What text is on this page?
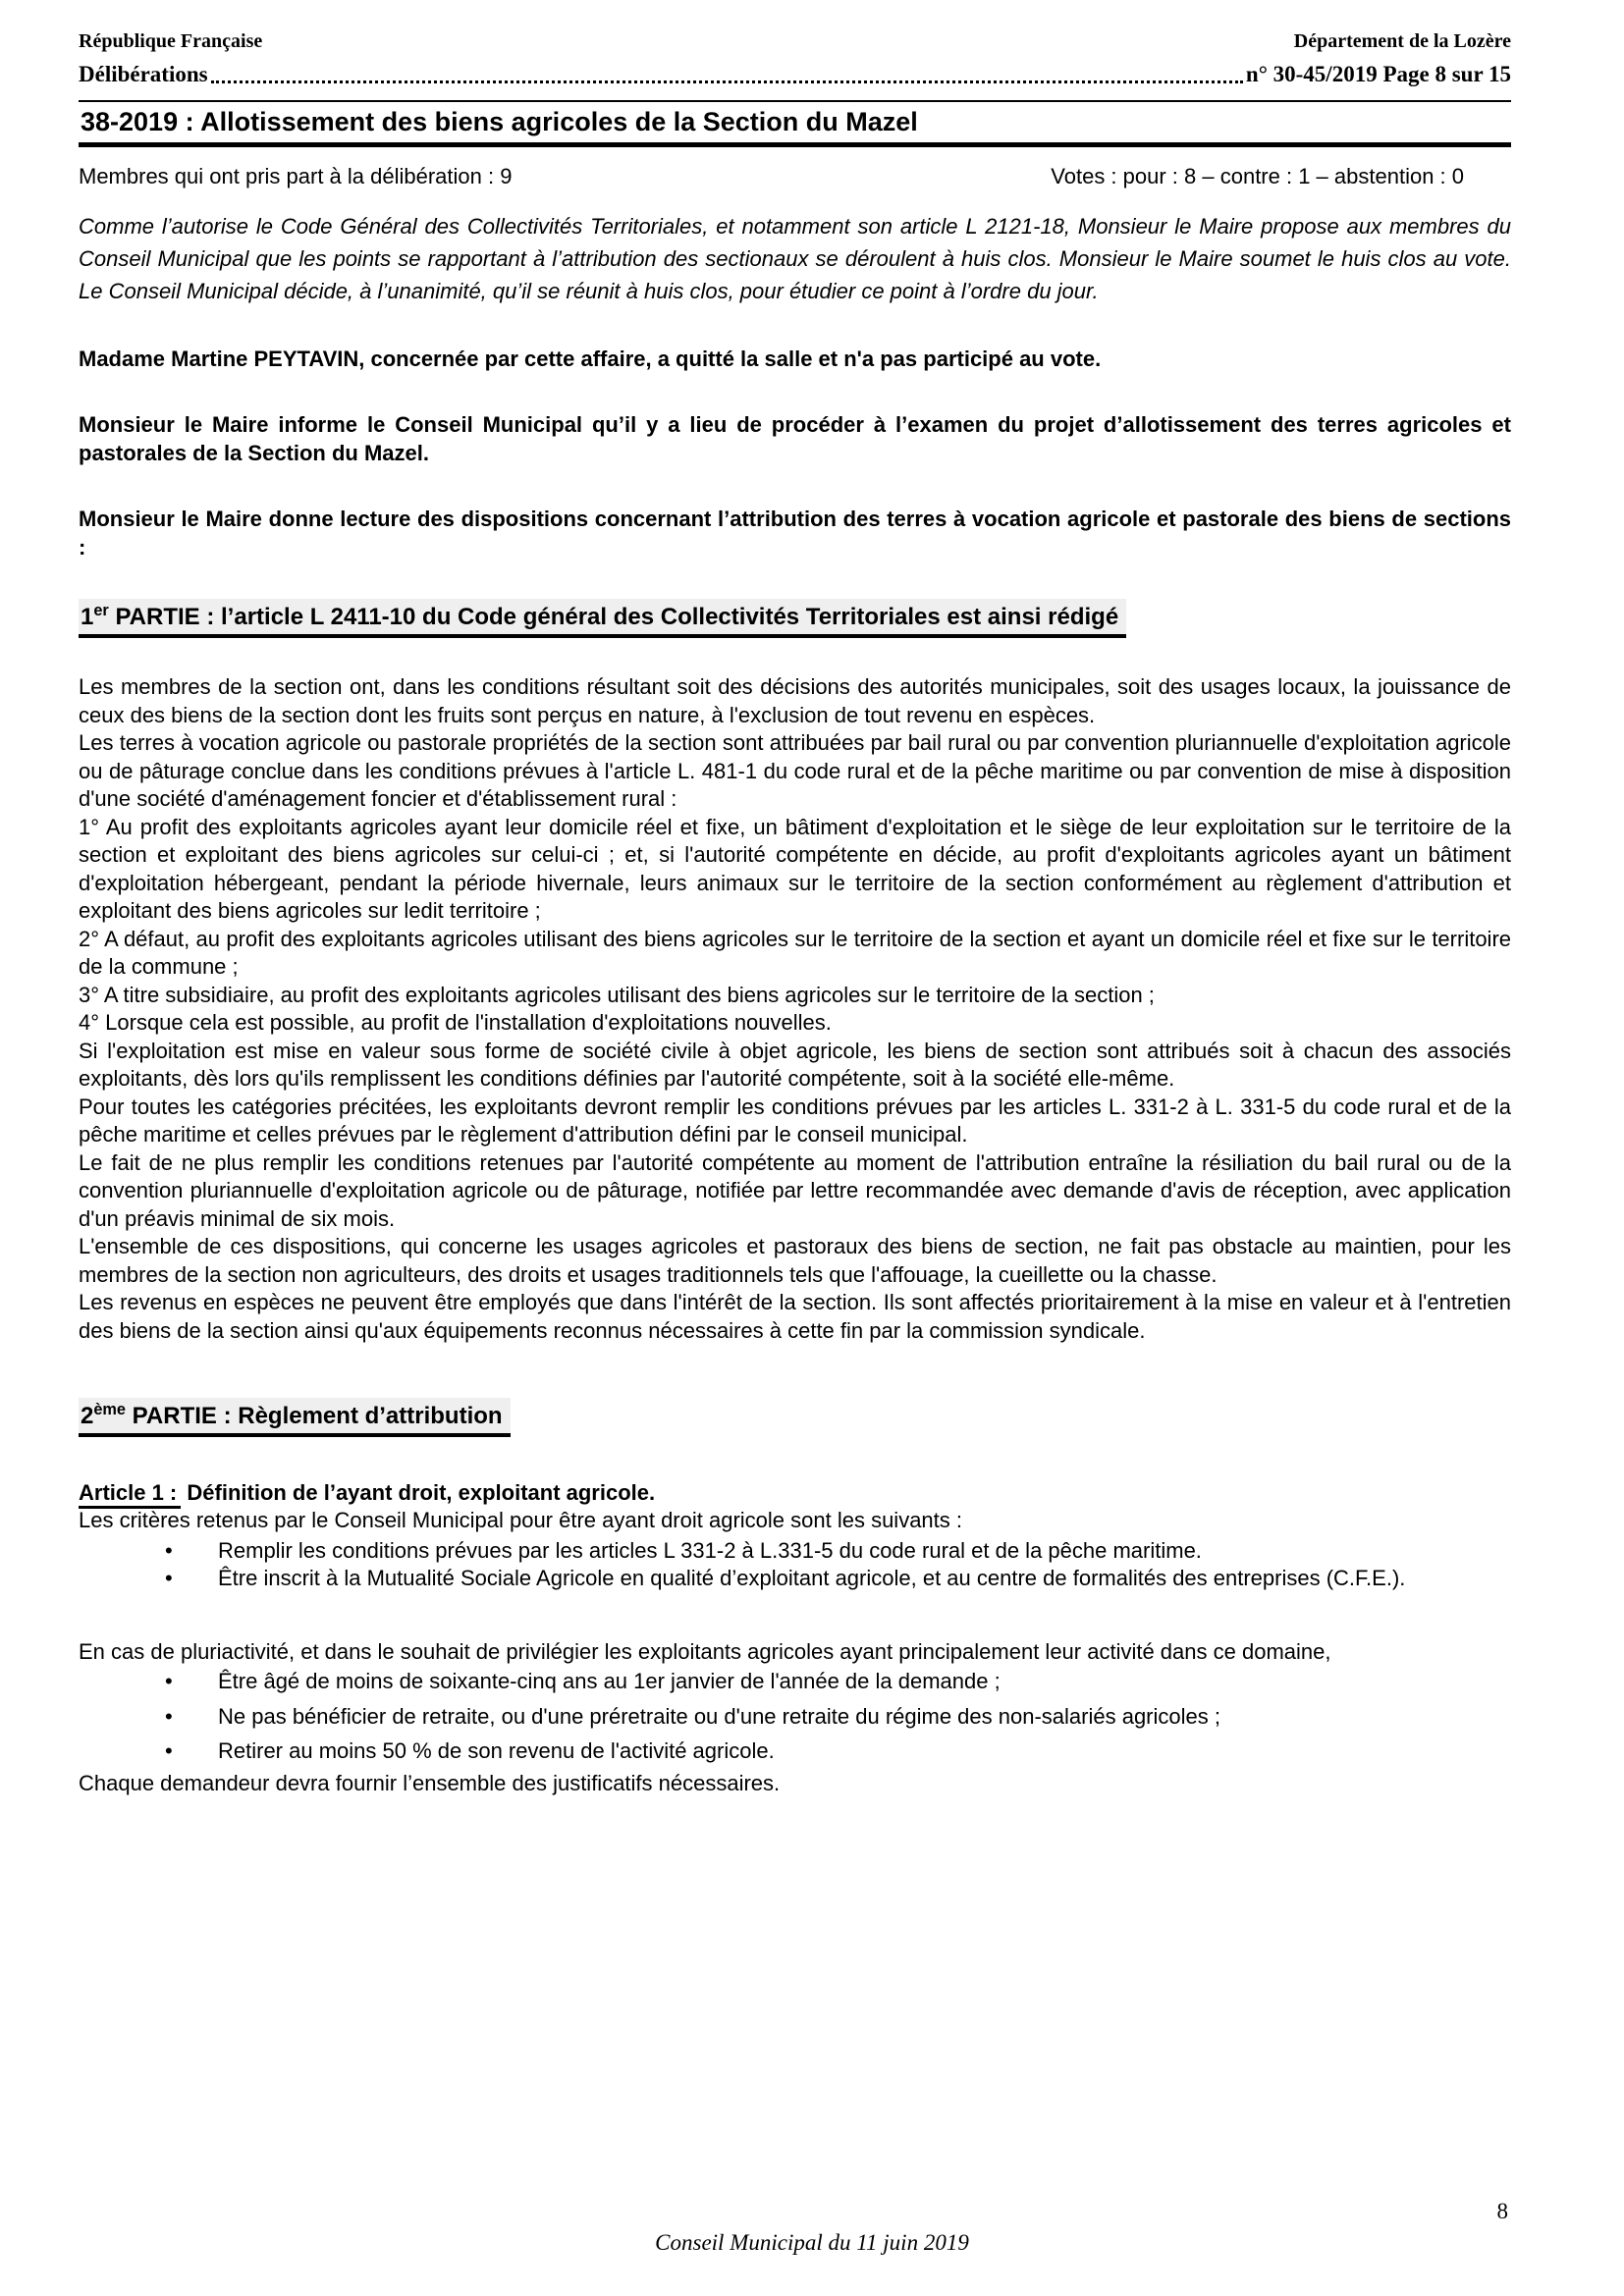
République Française	Département de la Lozère
Délibérations	n° 30-45/2019 Page 8 sur 15
38-2019 : Allotissement des biens agricoles de la Section du Mazel
Membres qui ont pris part à la délibération : 9	Votes : pour : 8 – contre : 1 – abstention : 0

Comme l’autorise le Code Général des Collectivités Territoriales, et notamment son article L 2121-18, Monsieur le Maire propose aux membres du Conseil Municipal que les points se rapportant à l’attribution des sectionaux se déroulent à huis clos. Monsieur le Maire soumet le huis clos au vote. Le Conseil Municipal décide, à l’unanimité, qu’il se réunit à huis clos, pour étudier ce point à l’ordre du jour.

Madame Martine PEYTAVIN, concernée par cette affaire, a quitté la salle et n'a pas participé au vote.

Monsieur le Maire informe le Conseil Municipal qu’il y a lieu de procéder à l’examen du projet d’allotissement des terres agricoles et pastorales de la Section du Mazel.

Monsieur le Maire donne lecture des dispositions concernant l’attribution des terres à vocation agricole et pastorale des biens de sections :

1er PARTIE : l’article L 2411-10 du Code général des Collectivités Territoriales est ainsi rédigé

Les membres de la section ont, dans les conditions résultant soit des décisions des autorités municipales, soit des usages locaux, la jouissance de ceux des biens de la section dont les fruits sont perçus en nature, à l'exclusion de tout revenu en espèces.

Les terres à vocation agricole ou pastorale propriétés de la section sont attribuées par bail rural ou par convention pluriannuelle d'exploitation agricole ou de pâturage conclue dans les conditions prévues à l'article L. 481-1 du code rural et de la pêche maritime ou par convention de mise à disposition d'une société d'aménagement foncier et d'établissement rural :

1° Au profit des exploitants agricoles ayant leur domicile réel et fixe, un bâtiment d'exploitation et le siège de leur exploitation sur le territoire de la section et exploitant des biens agricoles sur celui-ci ; et, si l'autorité compétente en décide, au profit d'exploitants agricoles ayant un bâtiment d'exploitation hébergeant, pendant la période hivernale, leurs animaux sur le territoire de la section conformément au règlement d'attribution et exploitant des biens agricoles sur ledit territoire ;

2° A défaut, au profit des exploitants agricoles utilisant des biens agricoles sur le territoire de la section et ayant un domicile réel et fixe sur le territoire de la commune ;

3° A titre subsidiaire, au profit des exploitants agricoles utilisant des biens agricoles sur le territoire de la section ;

4° Lorsque cela est possible, au profit de l'installation d'exploitations nouvelles.

Si l'exploitation est mise en valeur sous forme de société civile à objet agricole, les biens de section sont attribués soit à chacun des associés exploitants, dès lors qu'ils remplissent les conditions définies par l'autorité compétente, soit à la société elle-même.

Pour toutes les catégories précitées, les exploitants devront remplir les conditions prévues par les articles L. 331-2 à L. 331-5 du code rural et de la pêche maritime et celles prévues par le règlement d'attribution défini par le conseil municipal.

Le fait de ne plus remplir les conditions retenues par l'autorité compétente au moment de l'attribution entraîne la résiliation du bail rural ou de la convention pluriannuelle d'exploitation agricole ou de pâturage, notifiée par lettre recommandée avec demande d'avis de réception, avec application d'un préavis minimal de six mois.

L'ensemble de ces dispositions, qui concerne les usages agricoles et pastoraux des biens de section, ne fait pas obstacle au maintien, pour les membres de la section non agriculteurs, des droits et usages traditionnels tels que l'affouage, la cueillette ou la chasse.

Les revenus en espèces ne peuvent être employés que dans l'intérêt de la section. Ils sont affectés prioritairement à la mise en valeur et à l'entretien des biens de la section ainsi qu'aux équipements reconnus nécessaires à cette fin par la commission syndicale.

2ème PARTIE : Règlement d’attribution

Article 1 : Définition de l’ayant droit, exploitant agricole.

Les critères retenus par le Conseil Municipal pour être ayant droit agricole sont les suivants :

• Remplir les conditions prévues par les articles L 331-2 à L.331-5 du code rural et de la pêche maritime.
• Être inscrit à la Mutualité Sociale Agricole en qualité d’exploitant agricole, et au centre de formalités des entreprises (C.F.E.).

En cas de pluriactivité, et dans le souhait de privilégier les exploitants agricoles ayant principalement leur activité dans ce domaine,

• Être âgé de moins de soixante-cinq ans au 1er janvier de l'année de la demande ;
• Ne pas bénéficier de retraite, ou d'une préretraite ou d'une retraite du régime des non-salariés agricoles ;
• Retirer au moins 50 % de son revenu de l'activité agricole.

Chaque demandeur devra fournir l’ensemble des justificatifs nécessaires.

8
Conseil Municipal du 11 juin 2019
